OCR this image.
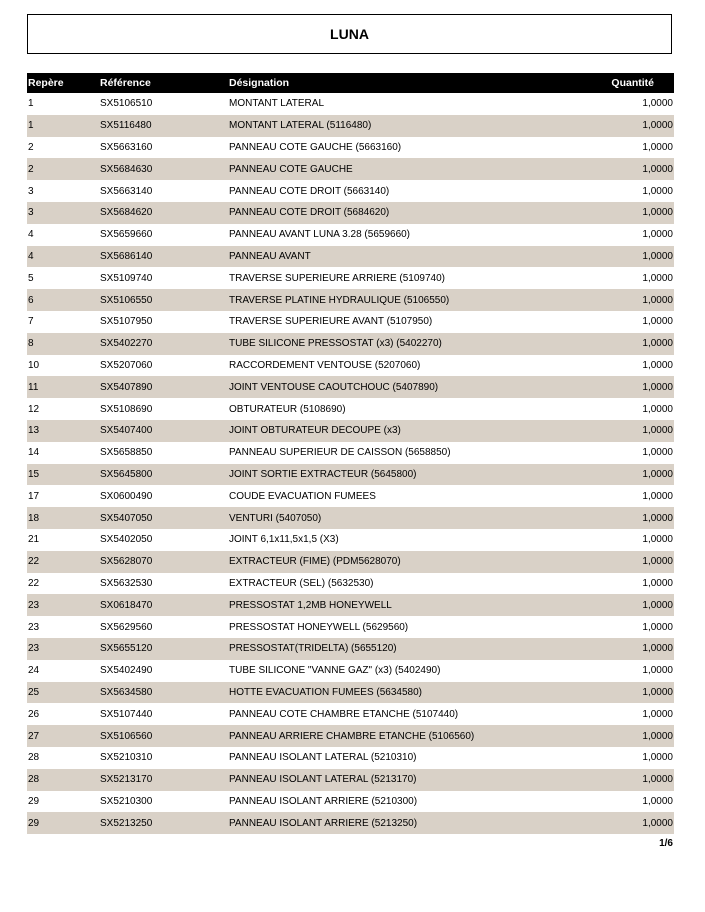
LUNA
Repère	Référence	Désignation	Quantité
1	SX5106510	MONTANT LATERAL	1,0000
1	SX5116480	MONTANT LATERAL (5116480)	1,0000
2	SX5663160	PANNEAU COTE GAUCHE (5663160)	1,0000
2	SX5684630	PANNEAU COTE GAUCHE	1,0000
3	SX5663140	PANNEAU COTE DROIT (5663140)	1,0000
3	SX5684620	PANNEAU COTE DROIT (5684620)	1,0000
4	SX5659660	PANNEAU AVANT LUNA 3.28 (5659660)	1,0000
4	SX5686140	PANNEAU AVANT	1,0000
5	SX5109740	TRAVERSE SUPERIEURE ARRIERE (5109740)	1,0000
6	SX5106550	TRAVERSE PLATINE HYDRAULIQUE (5106550)	1,0000
7	SX5107950	TRAVERSE SUPERIEURE AVANT (5107950)	1,0000
8	SX5402270	TUBE SILICONE PRESSOSTAT (x3) (5402270)	1,0000
10	SX5207060	RACCORDEMENT VENTOUSE (5207060)	1,0000
11	SX5407890	JOINT VENTOUSE CAOUTCHOUC (5407890)	1,0000
12	SX5108690	OBTURATEUR (5108690)	1,0000
13	SX5407400	JOINT OBTURATEUR DECOUPE (x3)	1,0000
14	SX5658850	PANNEAU SUPERIEUR DE CAISSON (5658850)	1,0000
15	SX5645800	JOINT SORTIE EXTRACTEUR (5645800)	1,0000
17	SX0600490	COUDE EVACUATION FUMEES	1,0000
18	SX5407050	VENTURI (5407050)	1,0000
21	SX5402050	JOINT 6,1x11,5x1,5 (X3)	1,0000
22	SX5628070	EXTRACTEUR (FIME) (PDM5628070)	1,0000
22	SX5632530	EXTRACTEUR (SEL) (5632530)	1,0000
23	SX0618470	PRESSOSTAT 1,2MB HONEYWELL	1,0000
23	SX5629560	PRESSOSTAT HONEYWELL (5629560)	1,0000
23	SX5655120	PRESSOSTAT(TRIDELTA) (5655120)	1,0000
24	SX5402490	TUBE SILICONE "VANNE GAZ" (x3) (5402490)	1,0000
25	SX5634580	HOTTE EVACUATION FUMEES (5634580)	1,0000
26	SX5107440	PANNEAU COTE CHAMBRE ETANCHE (5107440)	1,0000
27	SX5106560	PANNEAU ARRIERE CHAMBRE ETANCHE (5106560)	1,0000
28	SX5210310	PANNEAU ISOLANT LATERAL (5210310)	1,0000
28	SX5213170	PANNEAU ISOLANT LATERAL (5213170)	1,0000
29	SX5210300	PANNEAU ISOLANT ARRIERE (5210300)	1,0000
29	SX5213250	PANNEAU ISOLANT ARRIERE (5213250)	1,0000
1/6
